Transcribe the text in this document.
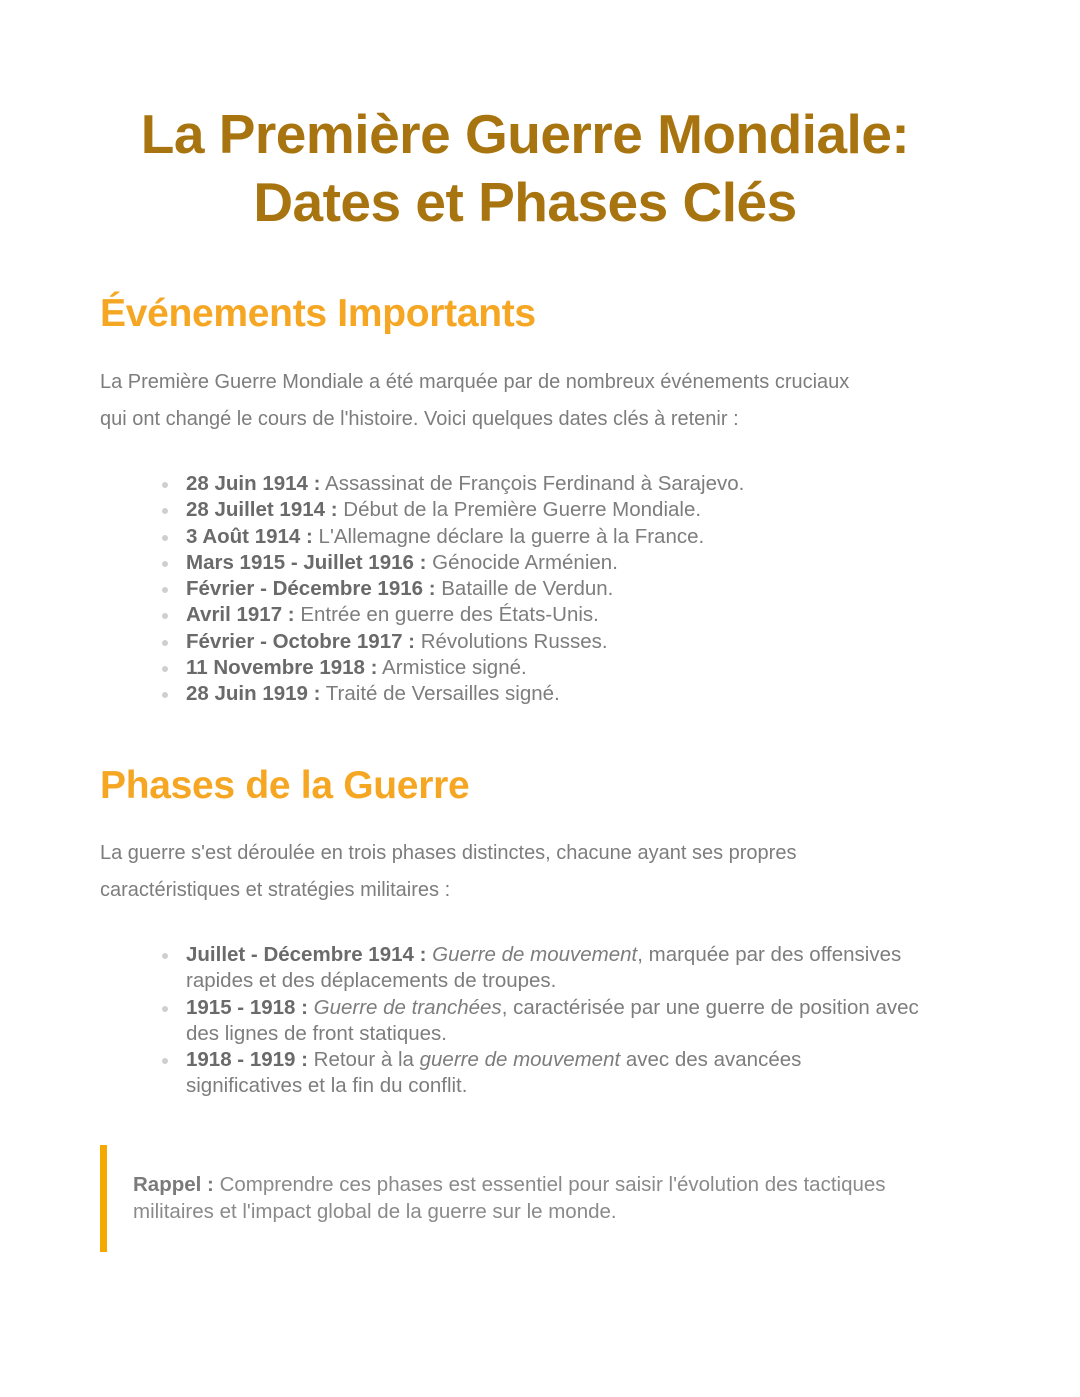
La Première Guerre Mondiale:
Dates et Phases Clés
Événements Importants

La Première Guerre Mondiale a été marquée par de nombreux événements cruciaux
qui ont changé le cours de l'histoire. Voici quelques dates clés à retenir :

28 Juin 1914 : Assassinat de François Ferdinand à Sarajevo.
28 Juillet 1914 : Début de la Première Guerre Mondiale.
3 Août 1914 : L'Allemagne déclare la guerre à la France.
Mars 1915 - Juillet 1916 : Génocide Arménien.
Février - Décembre 1916 : Bataille de Verdun.
Avril 1917 : Entrée en guerre des États-Unis.
Février - Octobre 1917 : Révolutions Russes.
11 Novembre 1918 : Armistice signé.
28 Juin 1919 : Traité de Versailles signé.
Phases de la Guerre

La guerre s'est déroulée en trois phases distinctes, chacune ayant ses propres
caractéristiques et stratégies militaires :

Juillet - Décembre 1914 : Guerre de mouvement, marquée par des offensives rapides et des déplacements de troupes.
1915 - 1918 : Guerre de tranchées, caractérisée par une guerre de position avec des lignes de front statiques.
1918 - 1919 : Retour à la guerre de mouvement avec des avancées significatives et la fin du conflit.
Rappel : Comprendre ces phases est essentiel pour saisir l'évolution des tactiques militaires et l'impact global de la guerre sur le monde.
